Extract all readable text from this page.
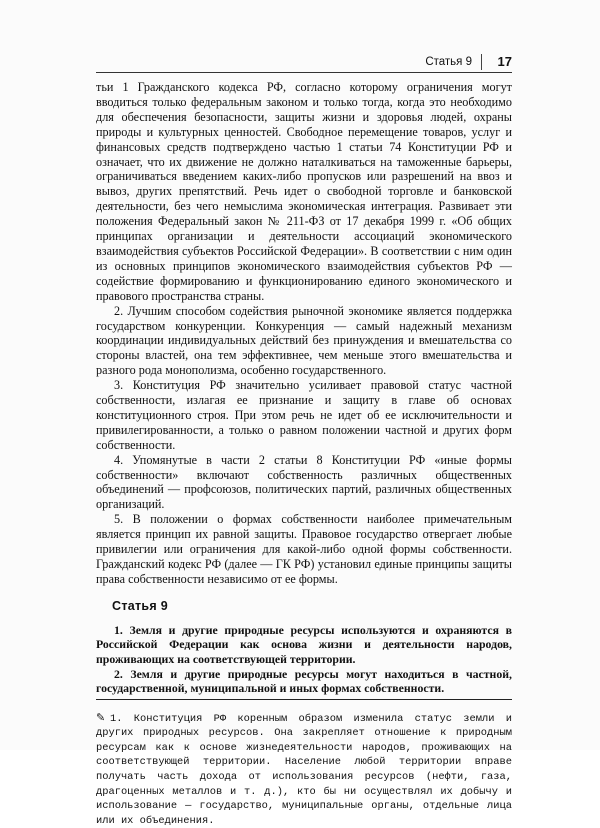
Статья 9 17

тьи 1 Гражданского кодекса РФ, согласно которому ограничения могут вводиться только федеральным законом и только тогда, когда это необходимо для обеспечения безопасности, защиты жизни и здоровья людей, охраны природы и культурных ценностей. Свободное перемещение товаров, услуг и финансовых средств подтверждено частью 1 статьи 74 Конституции РФ и означает, что их движение не должно наталкиваться на таможенные барьеры, ограничиваться введением каких-либо пропусков или разрешений на ввоз и вывоз, других препятствий. Речь идет о свободной торговле и банковской деятельности, без чего немыслима экономическая интеграция. Развивает эти положения Федеральный закон № 211-ФЗ от 17 декабря 1999 г. «Об общих принципах организации и деятельности ассоциаций экономического взаимодействия субъектов Российской Федерации». В соответствии с ним один из основных принципов экономического взаимодействия субъектов РФ — содействие формированию и функционированию единого экономического и правового пространства страны.

2. Лучшим способом содействия рыночной экономике является поддержка государством конкуренции. Конкуренция — самый надежный механизм координации индивидуальных действий без принуждения и вмешательства со стороны властей, она тем эффективнее, чем меньше этого вмешательства и разного рода монополизма, особенно государственного.

3. Конституция РФ значительно усиливает правовой статус частной собственности, излагая ее признание и защиту в главе об основах конституционного строя. При этом речь не идет об ее исключительности и привилегированности, а только о равном положении частной и других форм собственности.

4. Упомянутые в части 2 статьи 8 Конституции РФ «иные формы собственности» включают собственность различных общественных объединений — профсоюзов, политических партий, различных общественных организаций.

5. В положении о формах собственности наиболее примечательным является принцип их равной защиты. Правовое государство отвергает любые привилегии или ограничения для какой-либо одной формы собственности. Гражданский кодекс РФ (далее — ГК РФ) установил единые принципы защиты права собственности независимо от ее формы.

Статья 9

1. Земля и другие природные ресурсы используются и охраняются в Российской Федерации как основа жизни и деятельности народов, проживающих на соответствующей территории.

2. Земля и другие природные ресурсы могут находиться в частной, государственной, муниципальной и иных формах собственности.

✎ 1. Конституция РФ коренным образом изменила статус земли и других природных ресурсов. Она закрепляет отношение к природным ресурсам как к основе жизнедеятельности народов, проживающих на соответствующей территории. Население любой территории вправе получать часть дохода от использования ресурсов (нефти, газа, драгоценных металлов и т. д.), кто бы ни осуществлял их добычу и использование — государство, муниципальные органы, отдельные лица или их объединения.
